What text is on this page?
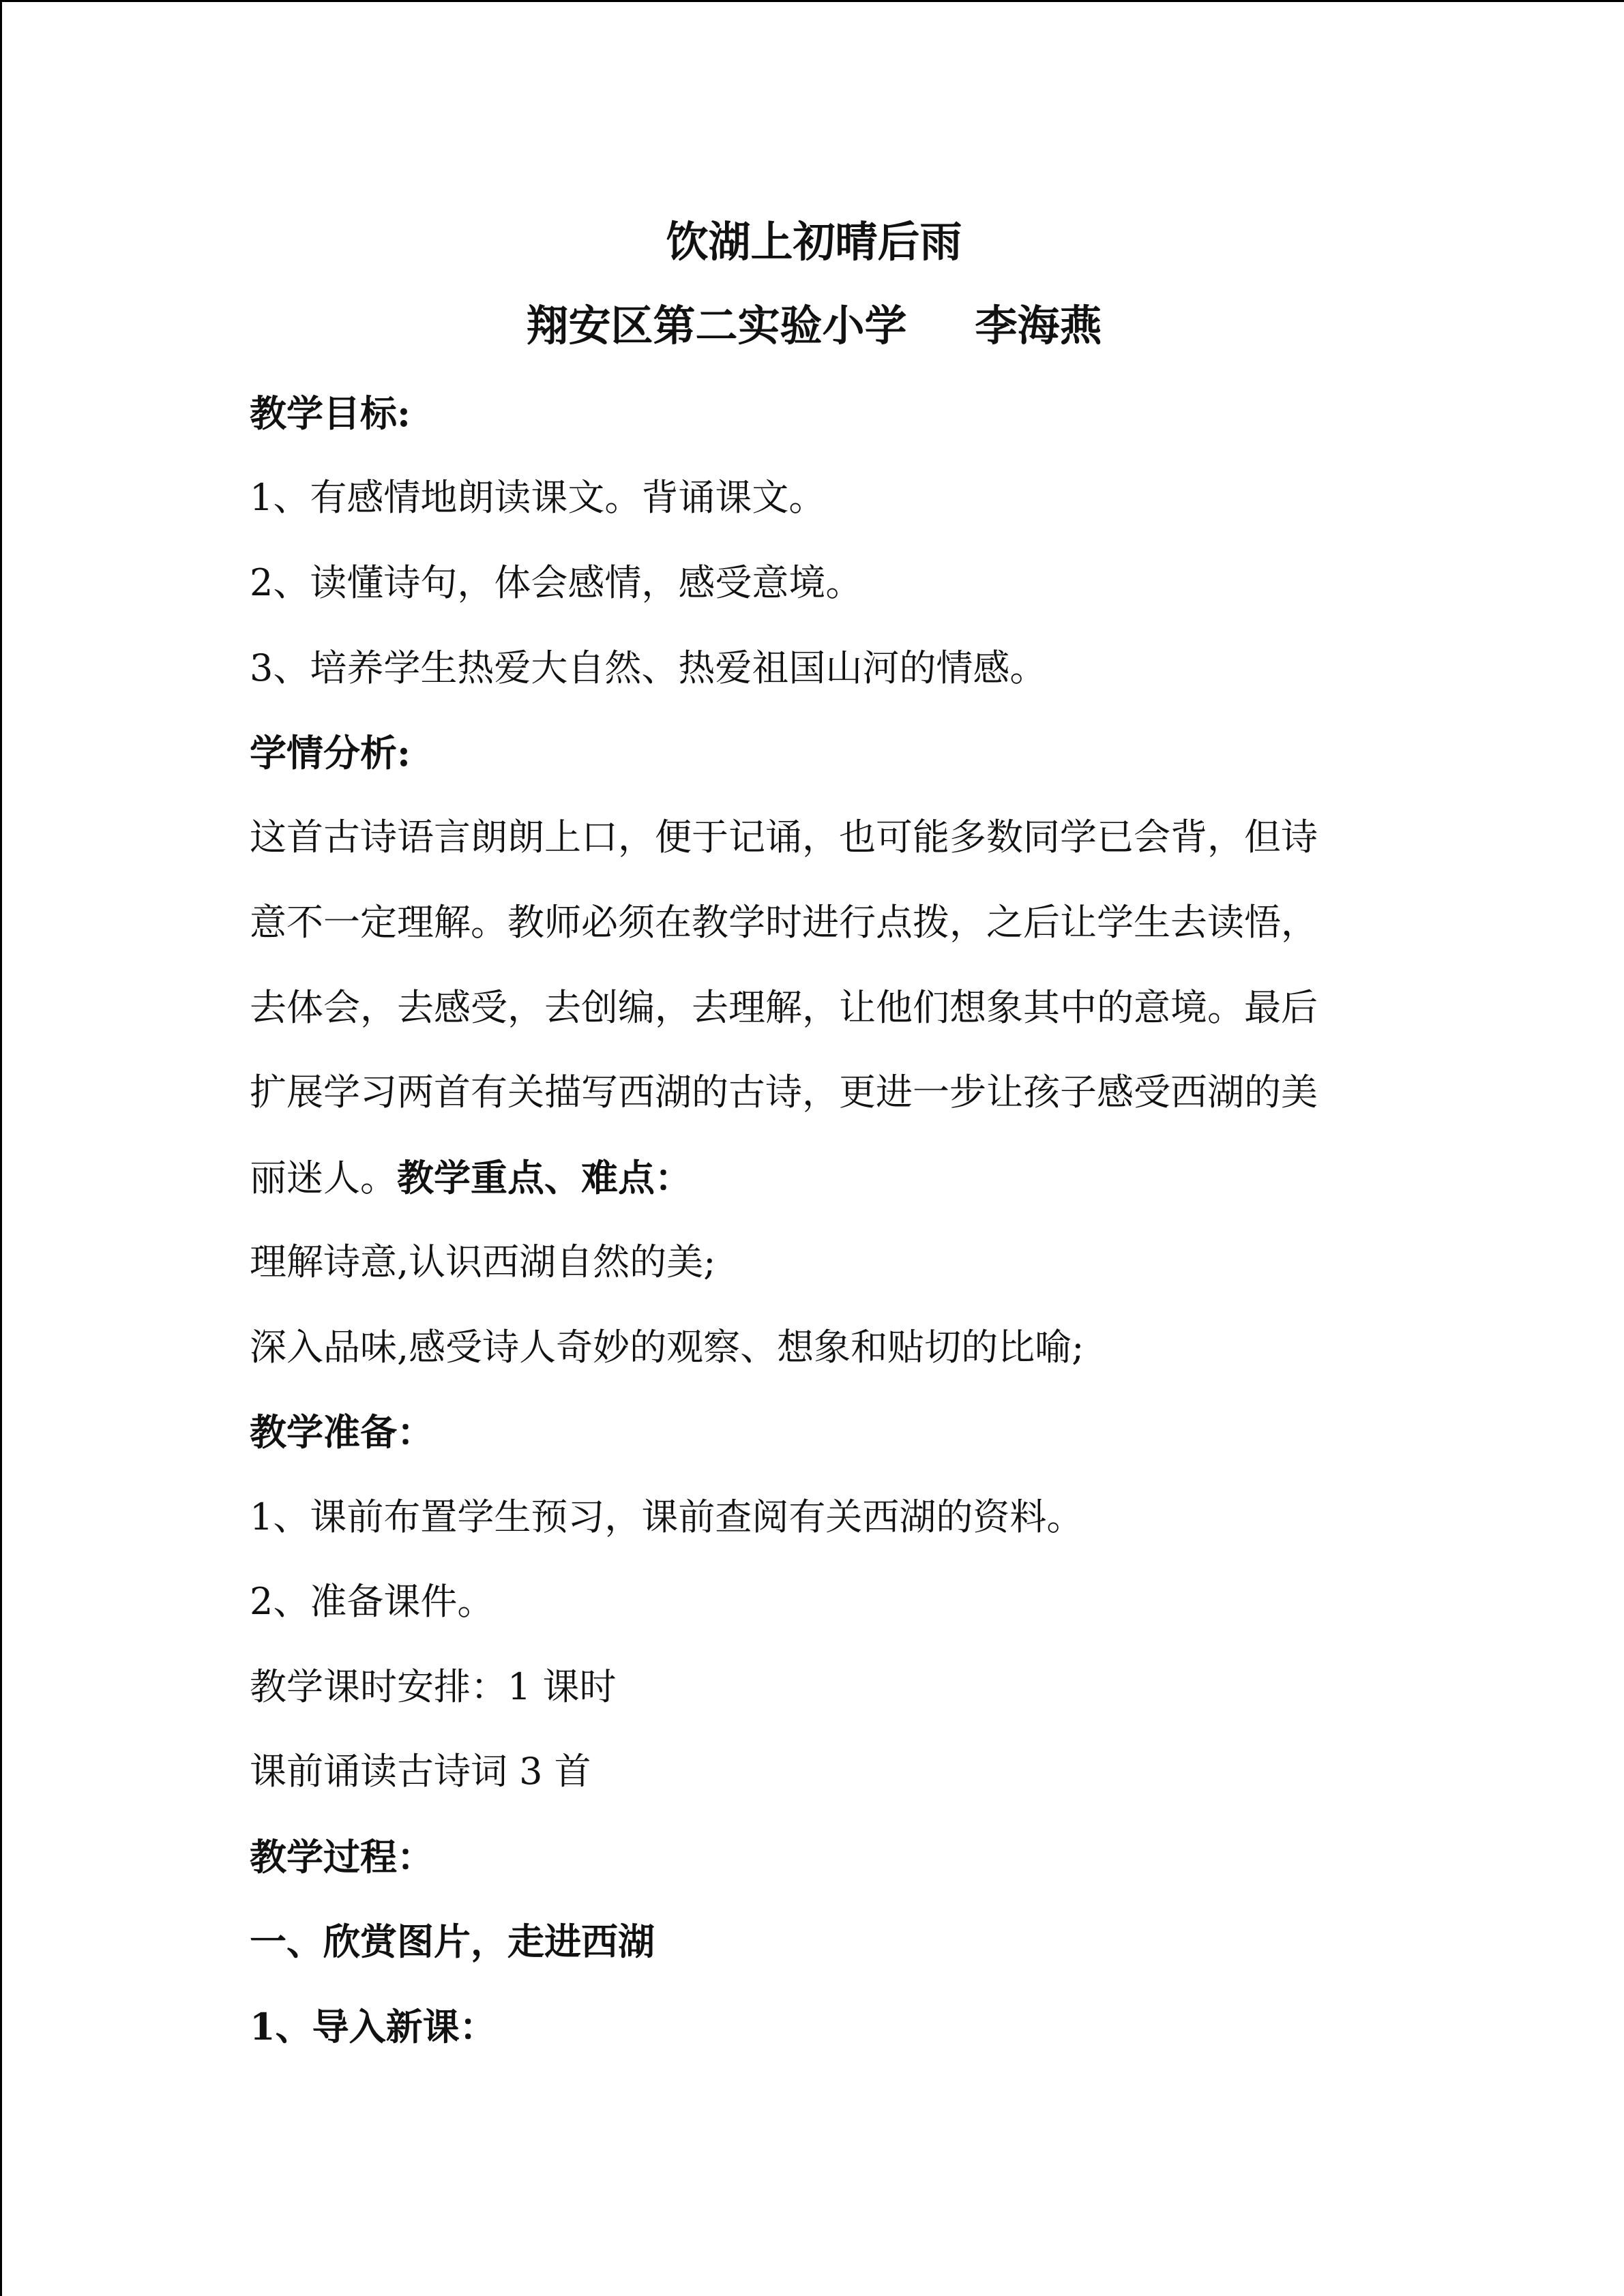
饮湖上初晴后雨
翔安区第二实验小学 李海燕
教学目标:
1、有感情地朗读课文。背诵课文。
2、读懂诗句，体会感情，感受意境。
3、培养学生热爱大自然、热爱祖国山河的情感。
学情分析:
这首古诗语言朗朗上口，便于记诵，也可能多数同学已会背，但诗
意不一定理解。教师必须在教学时进行点拨，之后让学生去读悟，
去体会，去感受，去创编，去理解，让他们想象其中的意境。最后
扩展学习两首有关描写西湖的古诗，更进一步让孩子感受西湖的美
丽迷人。教学重点、难点：
理解诗意,认识西湖自然的美;
深入品味,感受诗人奇妙的观察、想象和贴切的比喻;
教学准备：
1、课前布置学生预习，课前查阅有关西湖的资料。
2、准备课件。
教学课时安排：1 课时
课前诵读古诗词 3 首
教学过程：
一、欣赏图片，走进西湖
1、导入新课：
